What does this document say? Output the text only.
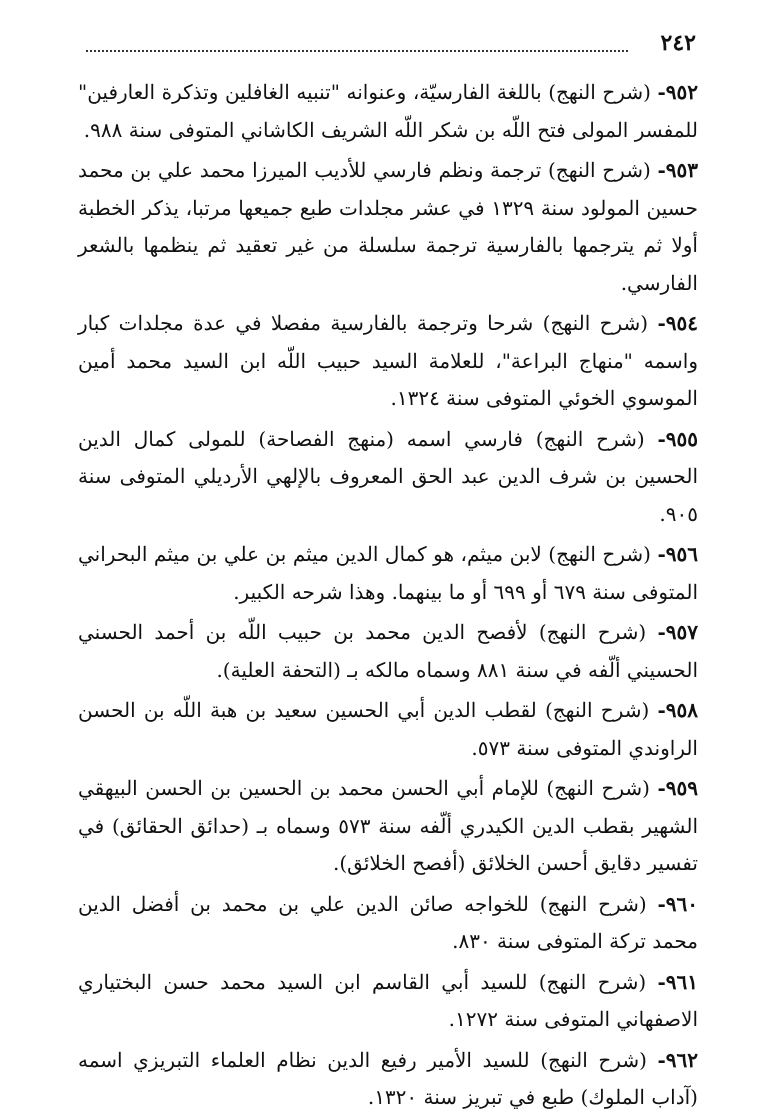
٢٤٢

٩٥٢- (شرح النهج) باللغة الفارسيّة، وعنوانه "تنبيه الغافلين وتذكرة العارفين" للمفسر المولى فتح اللّه بن شكر اللّه الشريف الكاشاني المتوفى سنة ٩٨٨.

٩٥٣- (شرح النهج) ترجمة ونظم فارسي للأديب الميرزا محمد علي بن محمد حسين المولود سنة ١٣٢٩ في عشر مجلدات طبع جميعها مرتبا، يذكر الخطبة أولا ثم يترجمها بالفارسية ترجمة سلسلة من غير تعقيد ثم ينظمها بالشعر الفارسي.

٩٥٤- (شرح النهج) شرحا وترجمة بالفارسية مفصلا في عدة مجلدات كبار واسمه "منهاج البراعة"، للعلامة السيد حبيب اللّه ابن السيد محمد أمين الموسوي الخوئي المتوفى سنة ١٣٢٤.

٩٥٥- (شرح النهج) فارسي اسمه (منهج الفصاحة) للمولى كمال الدين الحسين بن شرف الدين عبد الحق المعروف بالإلهي الأرديلي المتوفى سنة ٩٠٥.

٩٥٦- (شرح النهج) لابن ميثم، هو كمال الدين ميثم بن علي بن ميثم البحراني المتوفى سنة ٦٧٩ أو ٦٩٩ أو ما بينهما. وهذا شرحه الكبير.

٩٥٧- (شرح النهج) لأفصح الدين محمد بن حبيب اللّه بن أحمد الحسني الحسيني ألّفه في سنة ٨٨١ وسماه مالكه بـ (التحفة العلية).

٩٥٨- (شرح النهج) لقطب الدين أبي الحسين سعيد بن هبة اللّه بن الحسن الراوندي المتوفى سنة ٥٧٣.

٩٥٩- (شرح النهج) للإمام أبي الحسن محمد بن الحسين بن الحسن البيهقي الشهير بقطب الدين الكيدري ألّفه سنة ٥٧٣ وسماه بـ (حدائق الحقائق) في تفسير دقايق أحسن الخلائق (أفصح الخلائق).

٩٦٠- (شرح النهج) للخواجه صائن الدين علي بن محمد بن أفضل الدين محمد تركة المتوفى سنة ٨٣٠.

٩٦١- (شرح النهج) للسيد أبي القاسم ابن السيد محمد حسن البختياري الاصفهاني المتوفى سنة ١٢٧٢.

٩٦٢- (شرح النهج) للسيد الأمير رفيع الدين نظام العلماء التبريزي اسمه (آداب الملوك) طبع في تبريز سنة ١٣٢٠.
